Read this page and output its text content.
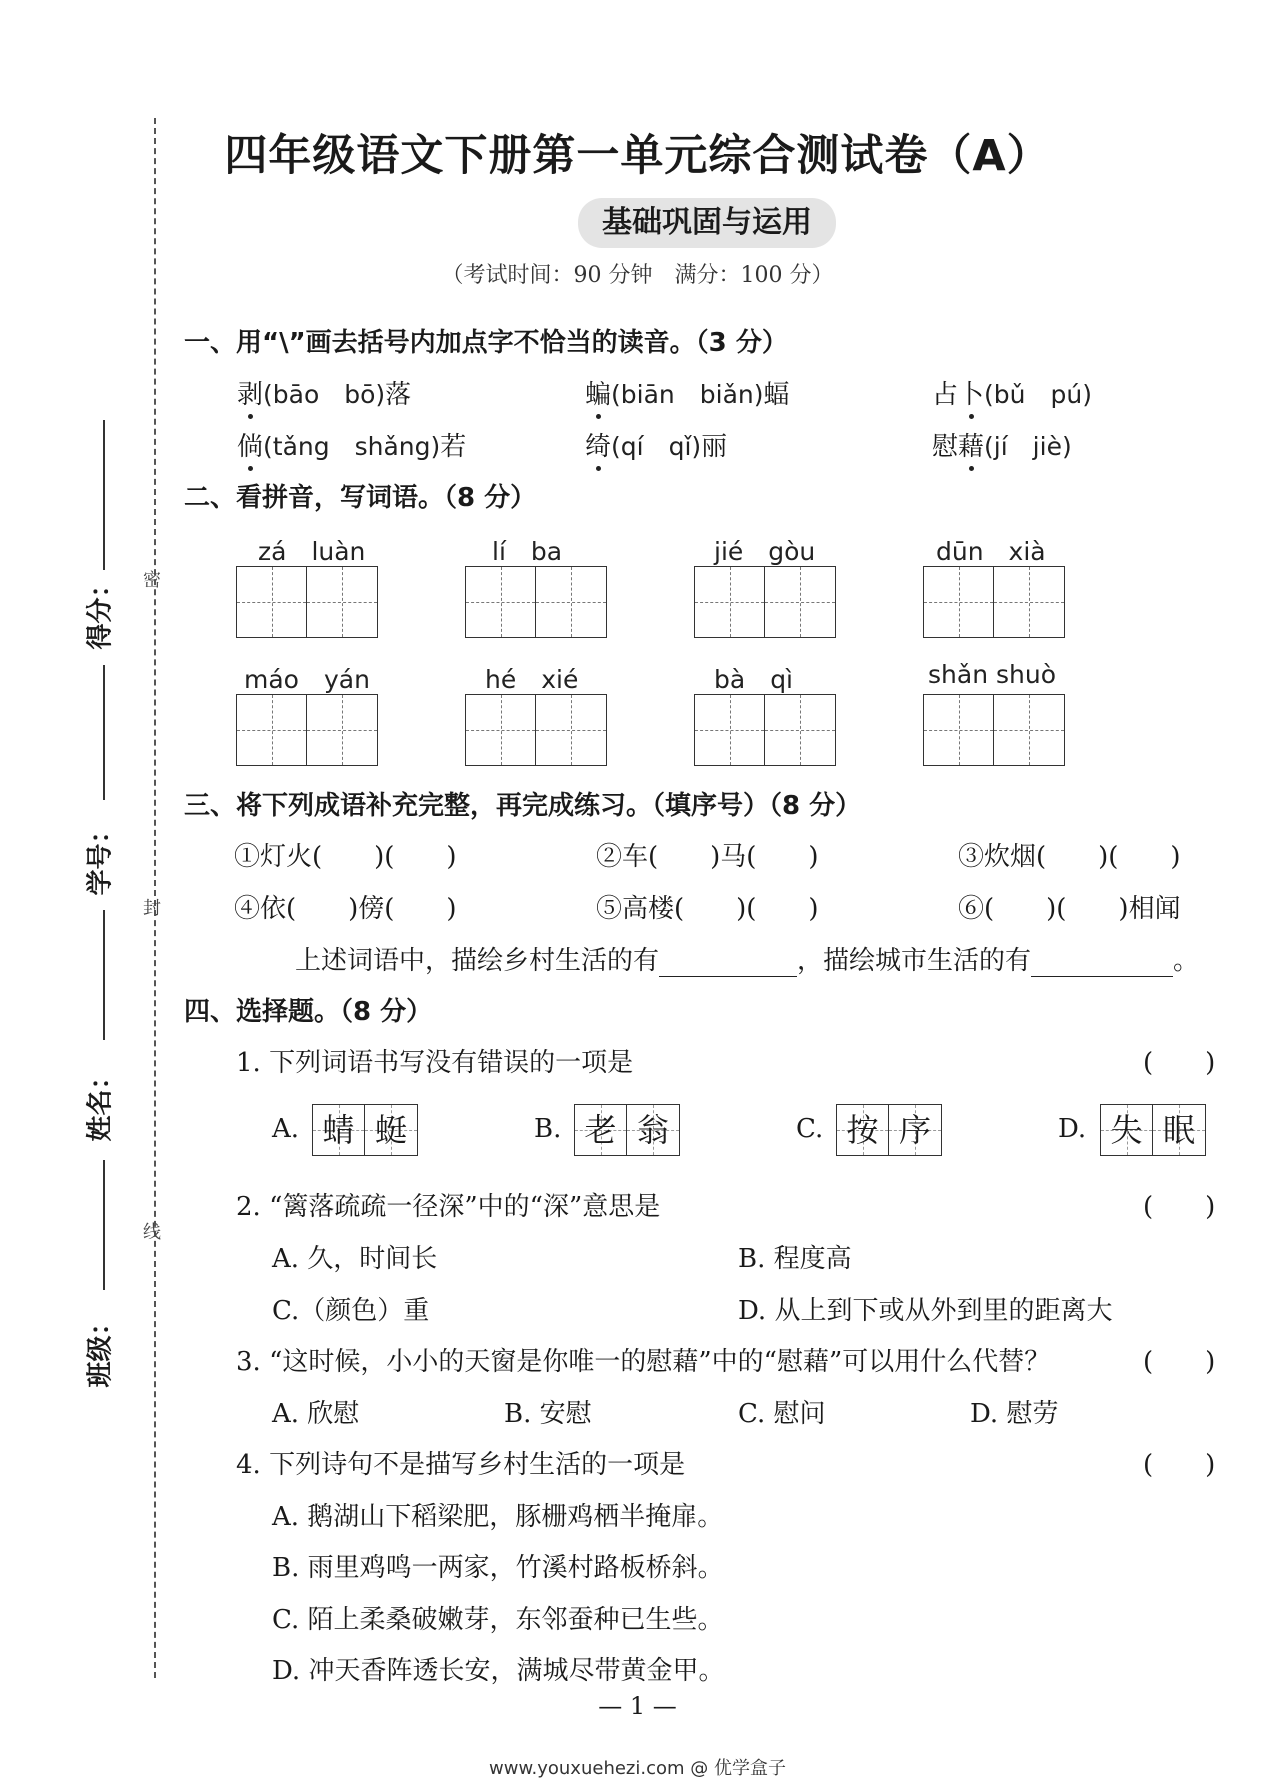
四年级语文下册第一单元综合测试卷（A）
基础巩固与运用
（考试时间：90 分钟　满分：100 分）
密
封
线
得分：
学号：
姓名：
班级：
一、用“\”画去括号内加点字不恰当的读音。（3 分）
剥(bāo　bō)落	蝙(biān　biǎn)蝠	占卜(bǔ　pú)
倘(tǎng　shǎng)若	绮(qí　qǐ)丽	慰藉(jí　jiè)
二、看拼音，写词语。（8 分）
zá　luàn	lí　ba	jié　gòu	dūn　xià
máo　yán	hé　xié	bà　qì	shǎn shuò
三、将下列成语补充完整，再完成练习。（填序号）（8 分）
①灯火(　　)(　　)	②车(　　)马(　　)	③炊烟(　　)(　　)
④依(　　)傍(　　)	⑤高楼(　　)(　　)	⑥(　　)(　　)相闻
上述词语中，描绘乡村生活的有	，描绘城市生活的有	。
四、选择题。（8 分）
1. 下列词语书写没有错误的一项是	(　　)
A. 蜻 蜓	B. 老 翁	C. 按 序	D. 失 眠
2. “篱落疏疏一径深”中的“深”意思是	(　　)
A. 久，时间长	B. 程度高
C.（颜色）重	D. 从上到下或从外到里的距离大
3. “这时候，小小的天窗是你唯一的慰藉”中的“慰藉”可以用什么代替？	(　　)
A. 欣慰	B. 安慰	C. 慰问	D. 慰劳
4. 下列诗句不是描写乡村生活的一项是	(　　)
A. 鹅湖山下稻梁肥，豚栅鸡栖半掩扉。
B. 雨里鸡鸣一两家，竹溪村路板桥斜。
C. 陌上柔桑破嫩芽，东邻蚕种已生些。
D. 冲天香阵透长安，满城尽带黄金甲。
— 1 —
www.youxuehezi.com @ 优学盒子
